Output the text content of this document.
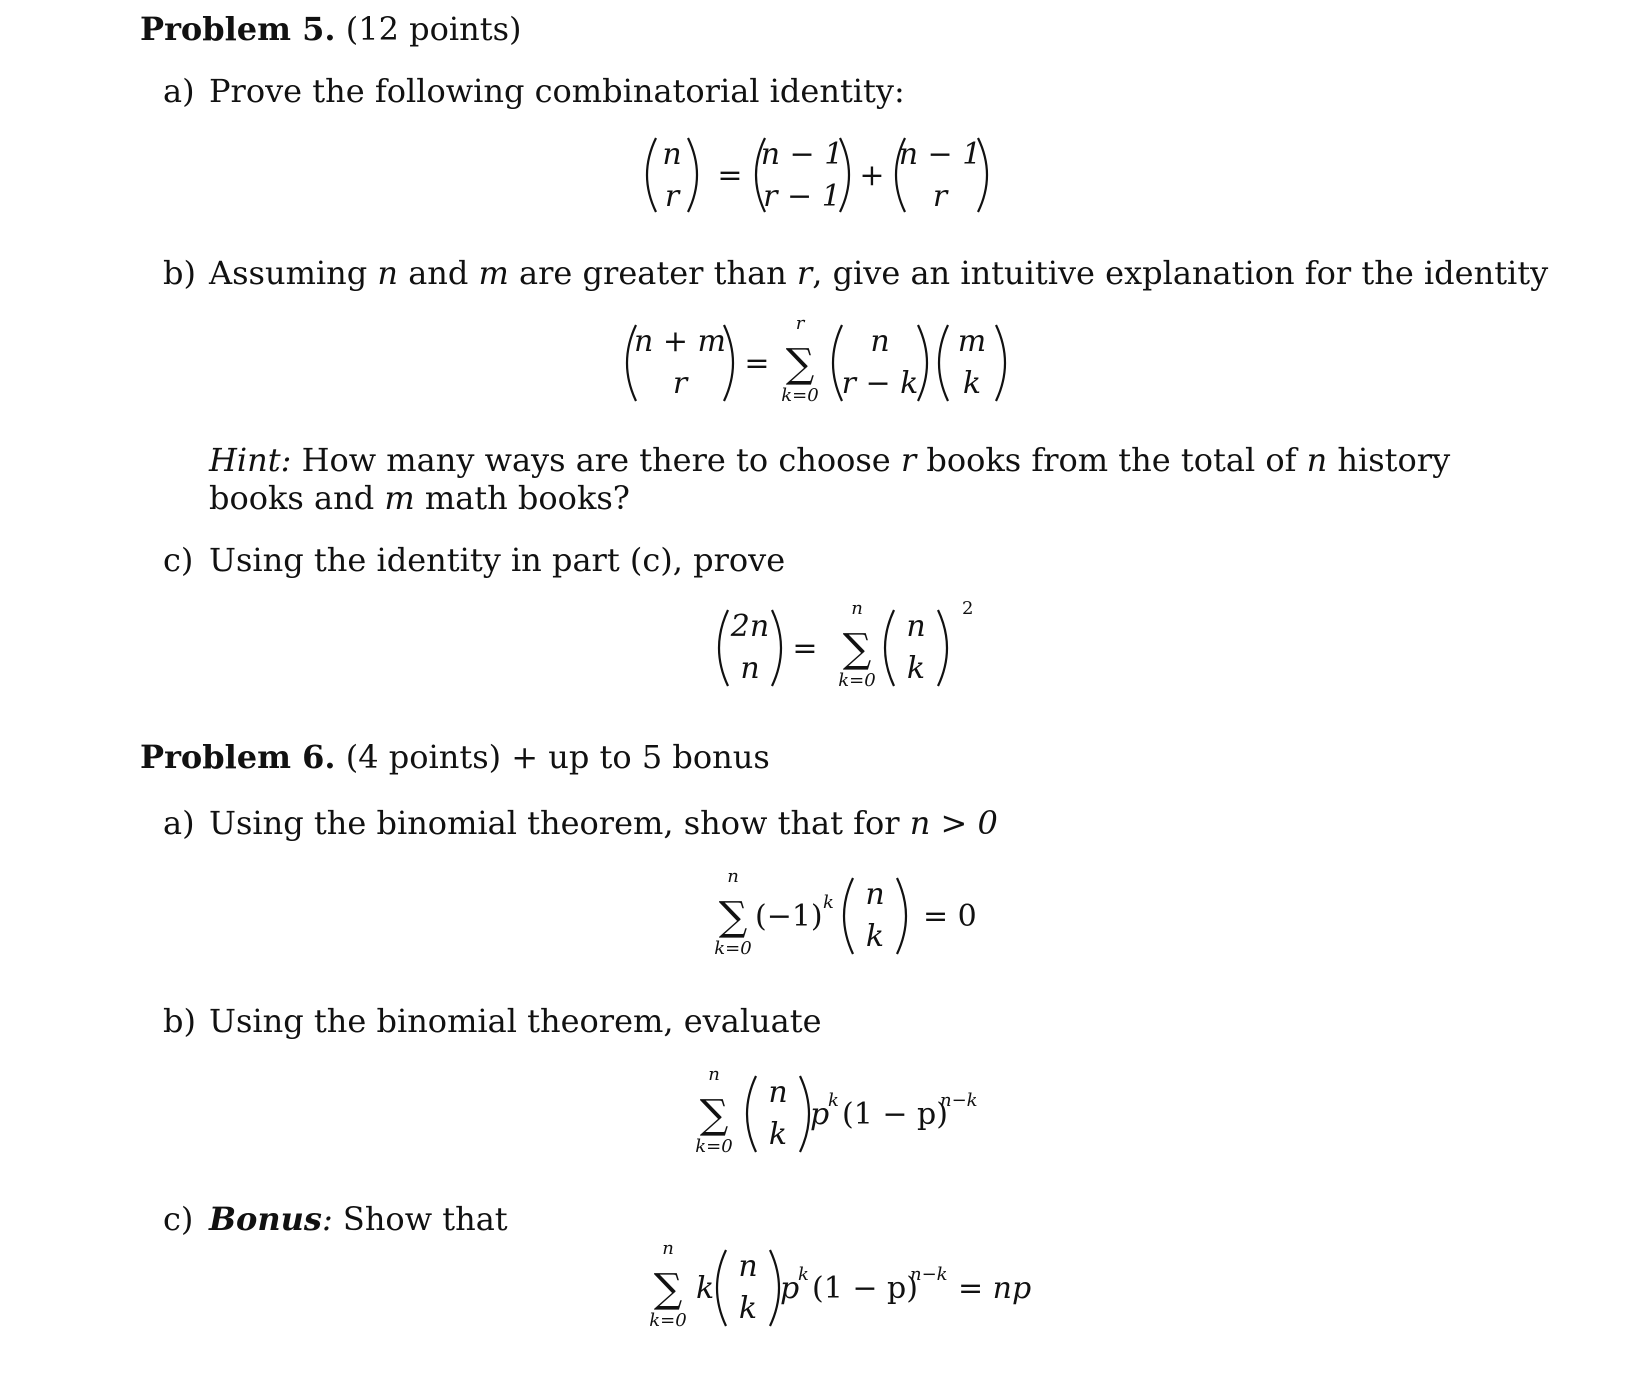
Problem 5. (12 points)
a) Prove the following combinatorial identity:
n
r
=
n − 1
r − 1
+
n − 1
r
b) Assuming n and m are greater than r, give an intuitive explanation for the identity
n + m
r
=
r
∑
k=0
n
r − k
m
k
Hint: How many ways are there to choose r books from the total of n history books and m math books?
c) Using the identity in part (c), prove
2n
n
=
n
∑
k=0
n
k
2
Problem 6. (4 points) + up to 5 bonus
a) Using the binomial theorem, show that for n > 0
n
∑
k=0
(−1) k n
k
= 0
b) Using the binomial theorem, evaluate
n
∑
k=0
n
k
p
k (1 − p)
n−k
c) Bonus: Show that
n
∑
k=0
k
n
k
p
k (1 − p)
n−k = np
